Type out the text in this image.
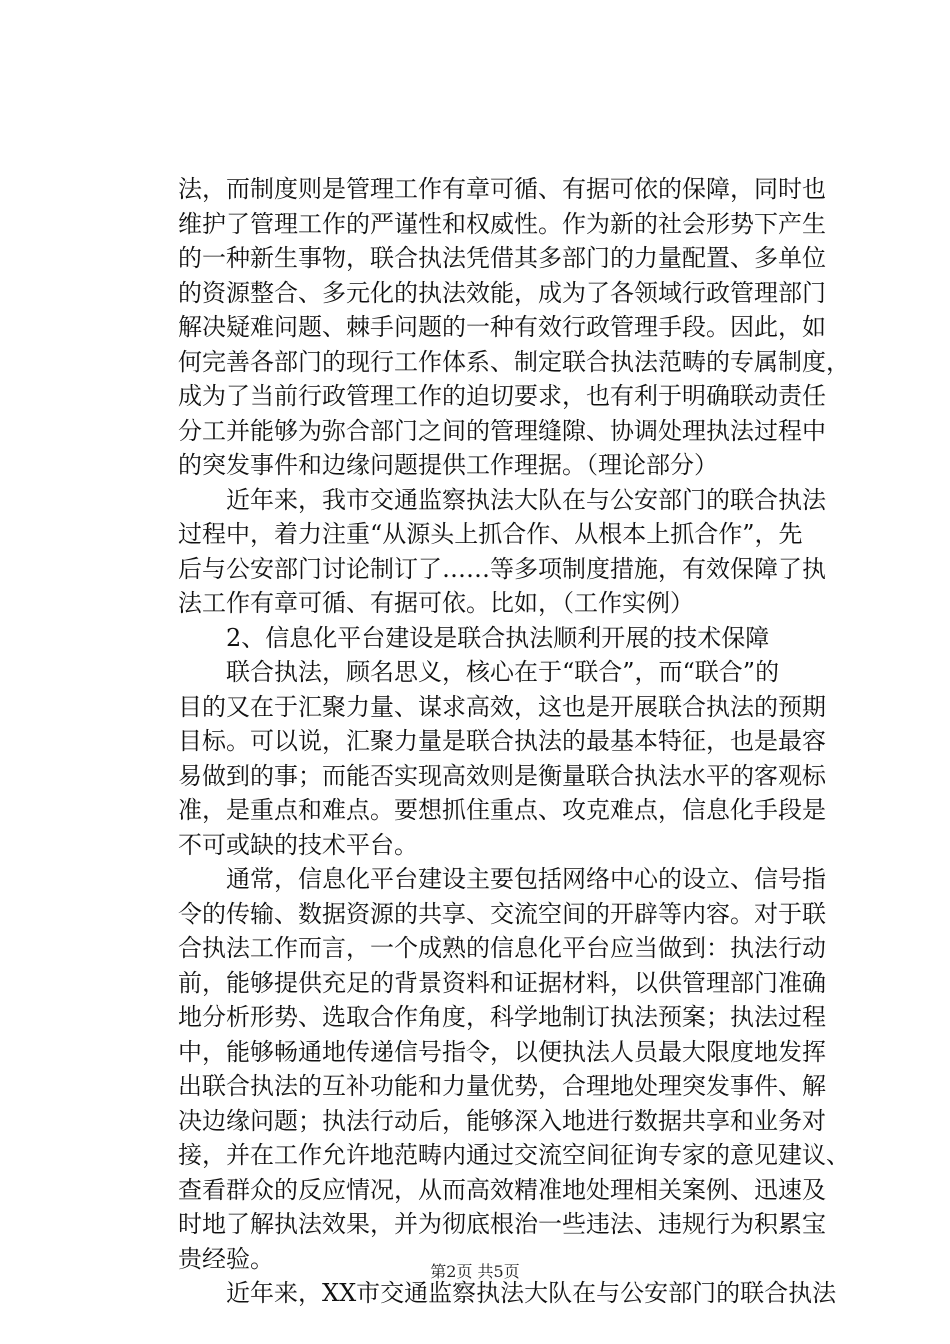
法，而制度则是管理工作有章可循、有据可依的保障，同时也
维护了管理工作的严谨性和权威性。作为新的社会形势下产生
的一种新生事物，联合执法凭借其多部门的力量配置、多单位
的资源整合、多元化的执法效能，成为了各领域行政管理部门
解决疑难问题、棘手问题的一种有效行政管理手段。因此，如
何完善各部门的现行工作体系、制定联合执法范畴的专属制度，
成为了当前行政管理工作的迫切要求，也有利于明确联动责任
分工并能够为弥合部门之间的管理缝隙、协调处理执法过程中
的突发事件和边缘问题提供工作理据。（理论部分）
　　近年来，我市交通监察执法大队在与公安部门的联合执法
过程中，着力注重“从源头上抓合作、从根本上抓合作”，先
后与公安部门讨论制订了……等多项制度措施，有效保障了执
法工作有章可循、有据可依。比如，（工作实例）
　　2、信息化平台建设是联合执法顺利开展的技术保障
　　联合执法，顾名思义，核心在于“联合”，而“联合”的
目的又在于汇聚力量、谋求高效，这也是开展联合执法的预期
目标。可以说，汇聚力量是联合执法的最基本特征，也是最容
易做到的事；而能否实现高效则是衡量联合执法水平的客观标
准，是重点和难点。要想抓住重点、攻克难点，信息化手段是
不可或缺的技术平台。
　　通常，信息化平台建设主要包括网络中心的设立、信号指
令的传输、数据资源的共享、交流空间的开辟等内容。对于联
合执法工作而言，一个成熟的信息化平台应当做到：执法行动
前，能够提供充足的背景资料和证据材料，以供管理部门准确
地分析形势、选取合作角度，科学地制订执法预案；执法过程
中，能够畅通地传递信号指令，以便执法人员最大限度地发挥
出联合执法的互补功能和力量优势，合理地处理突发事件、解
决边缘问题；执法行动后，能够深入地进行数据共享和业务对
接，并在工作允许地范畴内通过交流空间征询专家的意见建议、
查看群众的反应情况，从而高效精准地处理相关案例、迅速及
时地了解执法效果，并为彻底根治一些违法、违规行为积累宝
贵经验。
　　近年来，XX市交通监察执法大队在与公安部门的联合执法
第2页 共5页
